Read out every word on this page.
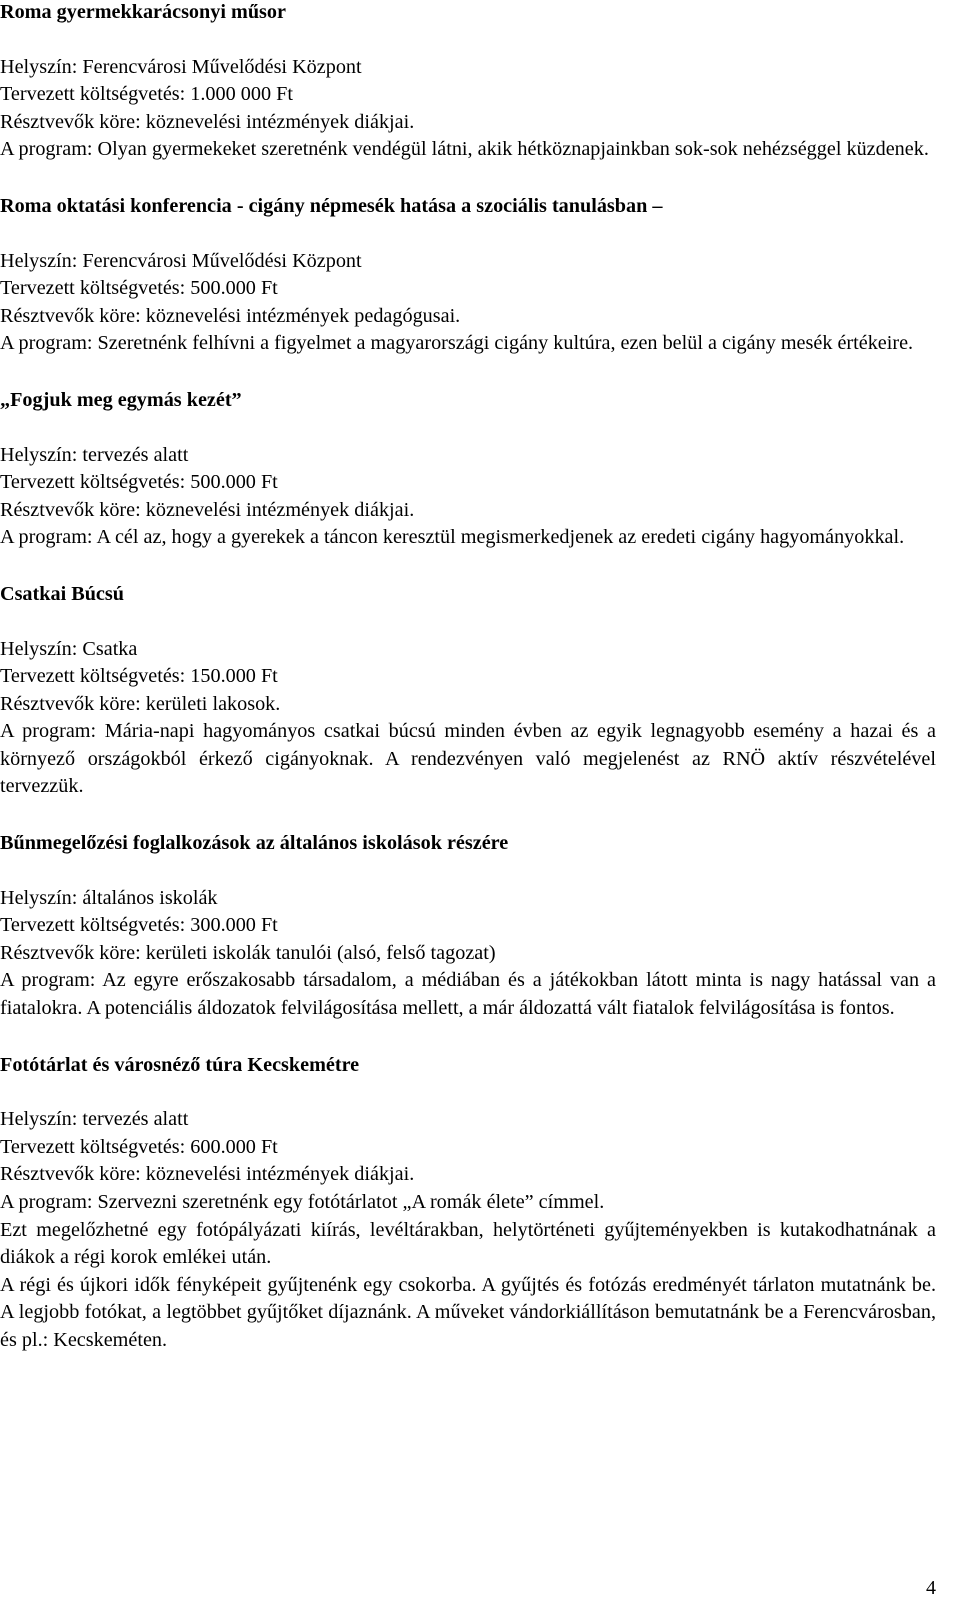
Roma gyermekkarácsonyi műsor

Helyszín: Ferencvárosi Művelődési Központ

Tervezett költségvetés: 1.000 000 Ft

Résztvevők köre: köznevelési intézmények diákjai.

A program: Olyan gyermekeket szeretnénk vendégül látni, akik hétköznapjainkban sok-sok nehézséggel küzdenek.

Roma oktatási konferencia - cigány népmesék hatása a szociális tanulásban –

Helyszín: Ferencvárosi Művelődési Központ

Tervezett költségvetés: 500.000 Ft

Résztvevők köre: köznevelési intézmények pedagógusai.

A program: Szeretnénk felhívni a figyelmet a magyarországi cigány kultúra, ezen belül a cigány mesék értékeire.

„Fogjuk meg egymás kezét”

Helyszín: tervezés alatt

Tervezett költségvetés: 500.000 Ft

Résztvevők köre: köznevelési intézmények diákjai.

A program: A cél az, hogy a gyerekek a táncon keresztül megismerkedjenek az eredeti cigány hagyományokkal.

Csatkai Búcsú

Helyszín: Csatka

Tervezett költségvetés: 150.000 Ft

Résztvevők köre: kerületi lakosok.

A program: Mária-napi hagyományos csatkai búcsú minden évben az egyik legnagyobb esemény a hazai és a környező országokból érkező cigányoknak. A rendezvényen való megjelenést az RNÖ aktív részvételével tervezzük.

Bűnmegelőzési foglalkozások az általános iskolások részére

Helyszín: általános iskolák

Tervezett költségvetés: 300.000 Ft

Résztvevők köre: kerületi iskolák tanulói (alsó, felső tagozat)

A program: Az egyre erőszakosabb társadalom, a médiában és a játékokban látott minta is nagy hatással van a fiatalokra. A potenciális áldozatok felvilágosítása mellett, a már áldozattá vált fiatalok felvilágosítása is fontos.

Fotótárlat és városnéző túra Kecskemétre

Helyszín: tervezés alatt

Tervezett költségvetés: 600.000 Ft

Résztvevők köre: köznevelési intézmények diákjai.

A program: Szervezni szeretnénk egy fotótárlatot „A romák élete” címmel.

Ezt megelőzhetné egy fotópályázati kiírás, levéltárakban, helytörténeti gyűjteményekben is kutakodhatnának a diákok a régi korok emlékei után.

A régi és újkori idők fényképeit gyűjtenénk egy csokorba. A gyűjtés és fotózás eredményét tárlaton mutatnánk be. A legjobb fotókat, a legtöbbet gyűjtőket díjaznánk. A műveket vándorkiállításon bemutatnánk be a Ferencvárosban, és pl.: Kecskeméten.

4
